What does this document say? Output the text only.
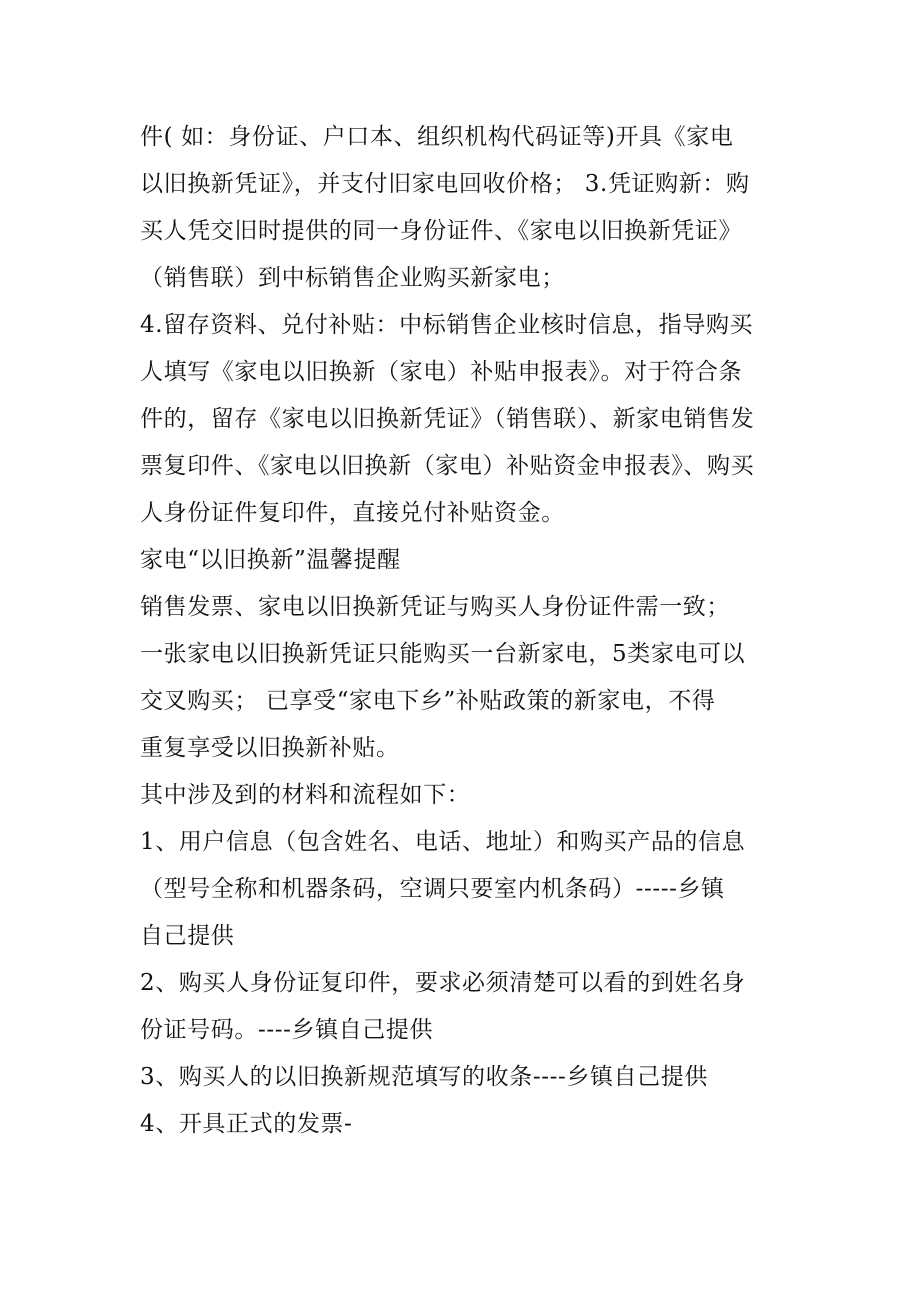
件( 如：身份证、户口本、组织机构代码证等)开具《家电
以旧换新凭证》，并支付旧家电回收价格； 3.凭证购新：购
买人凭交旧时提供的同一身份证件、《家电以旧换新凭证》
（销售联）到中标销售企业购买新家电；

4.留存资料、兑付补贴：中标销售企业核时信息，指导购买
人填写《家电以旧换新（家电）补贴申报表》。对于符合条
件的，留存《家电以旧换新凭证》（销售联）、新家电销售发
票复印件、《家电以旧换新（家电）补贴资金申报表》、购买
人身份证件复印件，直接兑付补贴资金。

家电“以旧换新”温馨提醒

销售发票、家电以旧换新凭证与购买人身份证件需一致；

一张家电以旧换新凭证只能购买一台新家电，5类家电可以
交叉购买； 已享受“家电下乡”补贴政策的新家电，不得
重复享受以旧换新补贴。

其中涉及到的材料和流程如下：

1、用户信息（包含姓名、电话、地址）和购买产品的信息
（型号全称和机器条码，空调只要室内机条码）-----乡镇
自己提供

2、购买人身份证复印件，要求必须清楚可以看的到姓名身
份证号码。----乡镇自己提供

3、购买人的以旧换新规范填写的收条----乡镇自己提供

4、开具正式的发票-
